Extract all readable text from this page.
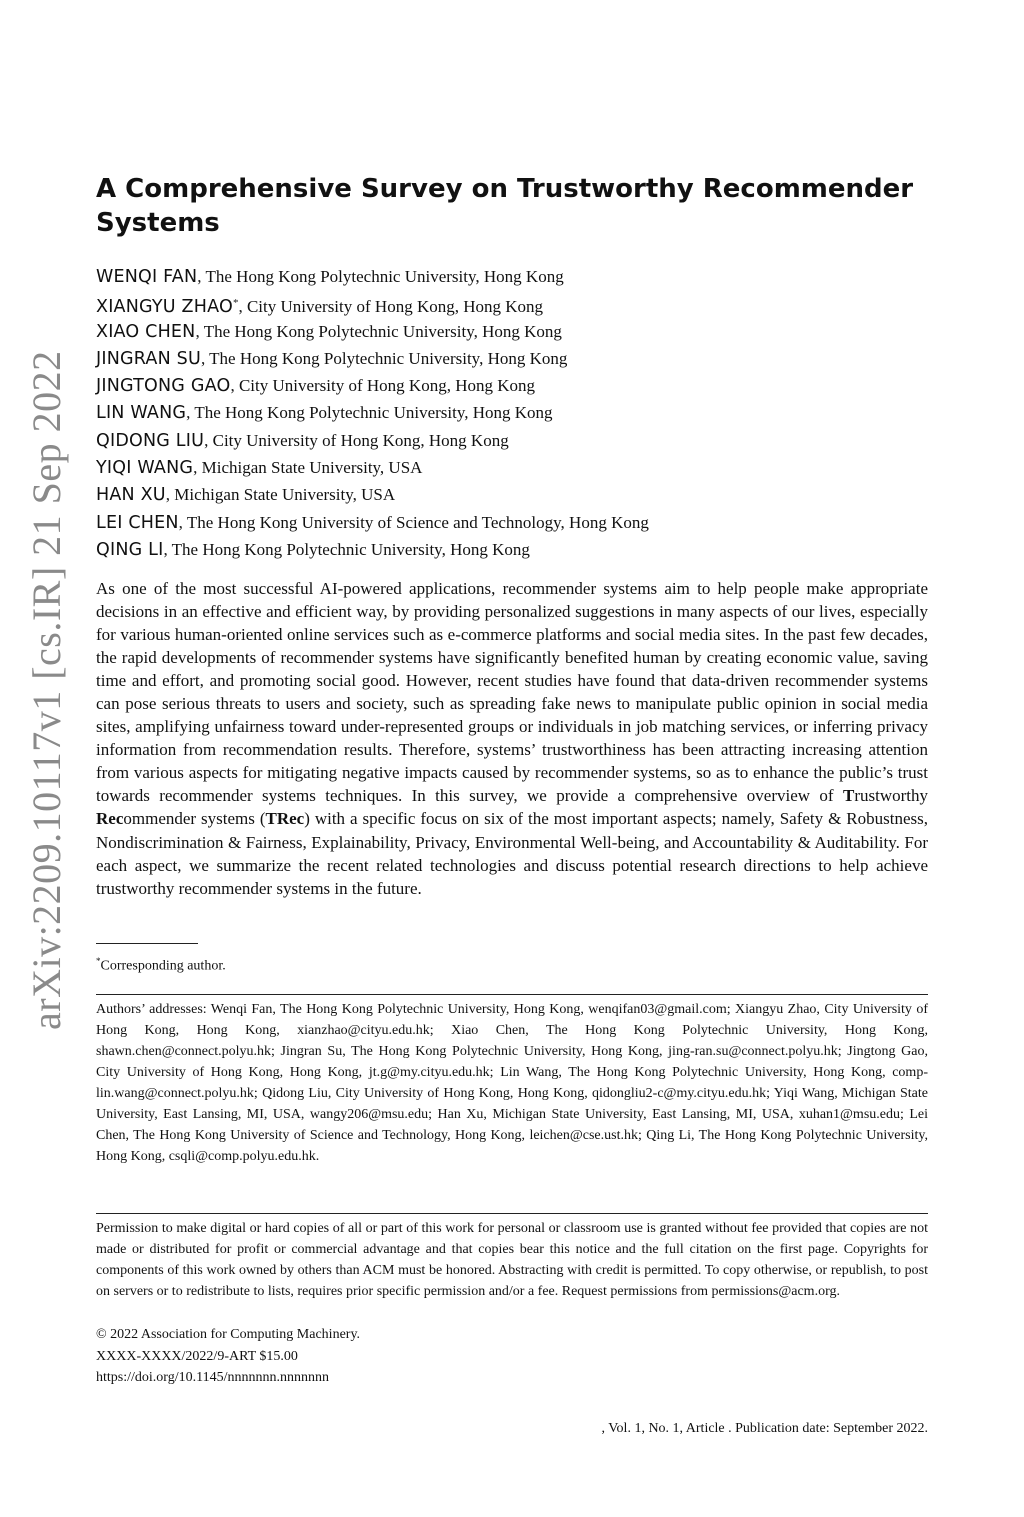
arXiv:2209.10117v1 [cs.IR] 21 Sep 2022
A Comprehensive Survey on Trustworthy Recommender Systems
WENQI FAN, The Hong Kong Polytechnic University, Hong Kong
XIANGYU ZHAO*, City University of Hong Kong, Hong Kong
XIAO CHEN, The Hong Kong Polytechnic University, Hong Kong
JINGRAN SU, The Hong Kong Polytechnic University, Hong Kong
JINGTONG GAO, City University of Hong Kong, Hong Kong
LIN WANG, The Hong Kong Polytechnic University, Hong Kong
QIDONG LIU, City University of Hong Kong, Hong Kong
YIQI WANG, Michigan State University, USA
HAN XU, Michigan State University, USA
LEI CHEN, The Hong Kong University of Science and Technology, Hong Kong
QING LI, The Hong Kong Polytechnic University, Hong Kong

As one of the most successful AI-powered applications, recommender systems aim to help people make appropriate decisions in an effective and efficient way, by providing personalized suggestions in many aspects of our lives, especially for various human-oriented online services such as e-commerce platforms and social media sites. In the past few decades, the rapid developments of recommender systems have significantly benefited human by creating economic value, saving time and effort, and promoting social good. However, recent studies have found that data-driven recommender systems can pose serious threats to users and society, such as spreading fake news to manipulate public opinion in social media sites, amplifying unfairness toward under-represented groups or individuals in job matching services, or inferring privacy information from recommendation results. Therefore, systems’ trustworthiness has been attracting increasing attention from various aspects for mitigating negative impacts caused by recommender systems, so as to enhance the public’s trust towards recommender systems techniques. In this survey, we provide a comprehensive overview of Trustworthy Recommender systems (TRec) with a specific focus on six of the most important aspects; namely, Safety & Robustness, Nondiscrimination & Fairness, Explainability, Privacy, Environmental Well-being, and Accountability & Auditability. For each aspect, we summarize the recent related technologies and discuss potential research directions to help achieve trustworthy recommender systems in the future.

*Corresponding author.

Authors’ addresses: Wenqi Fan, The Hong Kong Polytechnic University, Hong Kong, wenqifan03@gmail.com; Xiangyu Zhao, City University of Hong Kong, Hong Kong, xianzhao@cityu.edu.hk; Xiao Chen, The Hong Kong Polytechnic University, Hong Kong, shawn.chen@connect.polyu.hk; Jingran Su, The Hong Kong Polytechnic University, Hong Kong, jing-ran.su@connect.polyu.hk; Jingtong Gao, City University of Hong Kong, Hong Kong, jt.g@my.cityu.edu.hk; Lin Wang, The Hong Kong Polytechnic University, Hong Kong, comp-lin.wang@connect.polyu.hk; Qidong Liu, City University of Hong Kong, Hong Kong, qidongliu2-c@my.cityu.edu.hk; Yiqi Wang, Michigan State University, East Lansing, MI, USA, wangy206@msu.edu; Han Xu, Michigan State University, East Lansing, MI, USA, xuhan1@msu.edu; Lei Chen, The Hong Kong University of Science and Technology, Hong Kong, leichen@cse.ust.hk; Qing Li, The Hong Kong Polytechnic University, Hong Kong, csqli@comp.polyu.edu.hk.

Permission to make digital or hard copies of all or part of this work for personal or classroom use is granted without fee provided that copies are not made or distributed for profit or commercial advantage and that copies bear this notice and the full citation on the first page. Copyrights for components of this work owned by others than ACM must be honored. Abstracting with credit is permitted. To copy otherwise, or republish, to post on servers or to redistribute to lists, requires prior specific permission and/or a fee. Request permissions from permissions@acm.org.

© 2022 Association for Computing Machinery.
XXXX-XXXX/2022/9-ART $15.00
https://doi.org/10.1145/nnnnnnn.nnnnnnn
, Vol. 1, No. 1, Article . Publication date: September 2022.
